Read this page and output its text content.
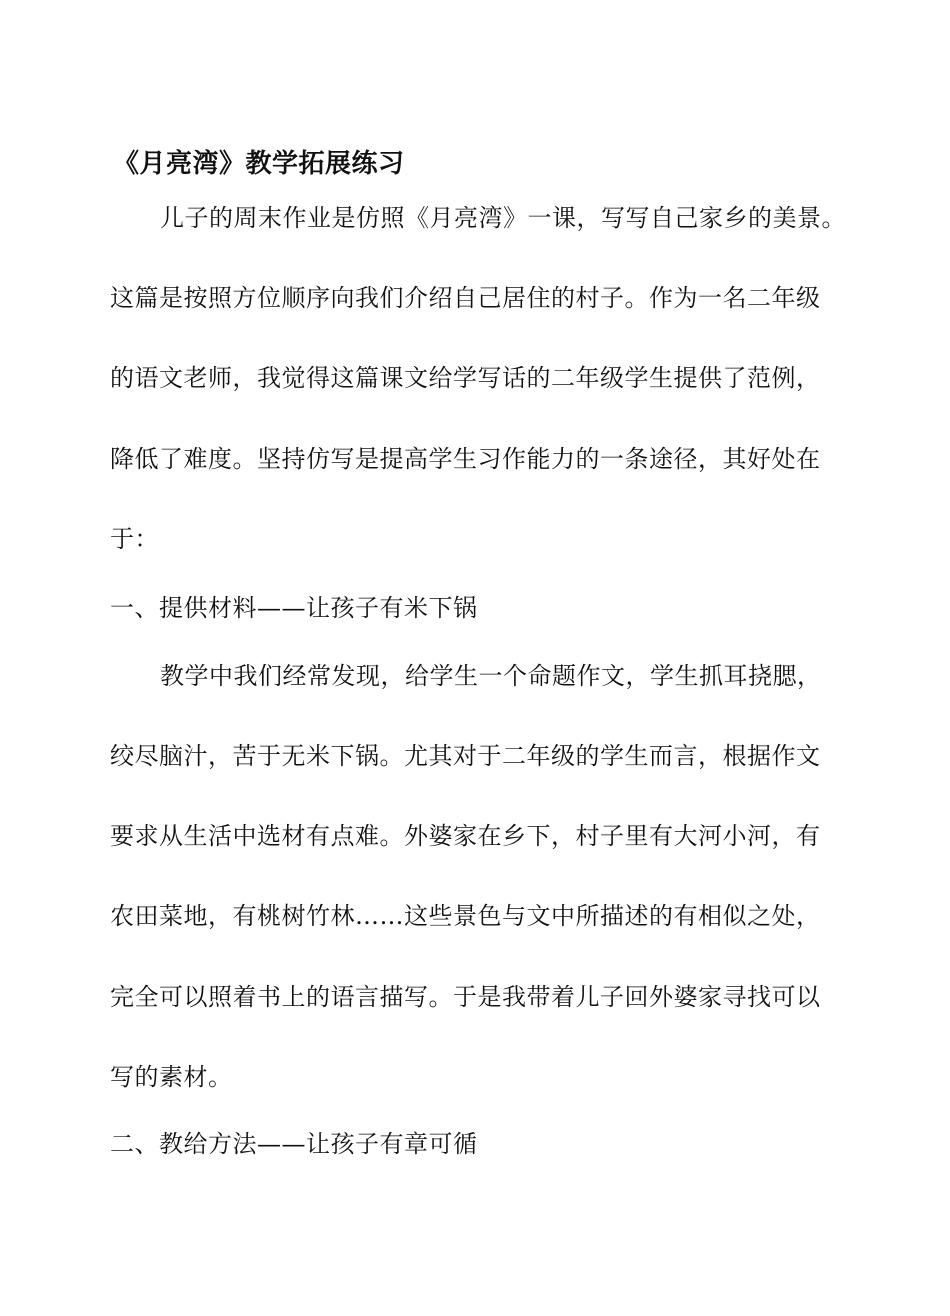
《月亮湾》教学拓展练习
儿子的周末作业是仿照《月亮湾》一课，写写自己家乡的美景。
这篇是按照方位顺序向我们介绍自己居住的村子。作为一名二年级
的语文老师，我觉得这篇课文给学写话的二年级学生提供了范例，
降低了难度。坚持仿写是提高学生习作能力的一条途径，其好处在
于：
一、提供材料——让孩子有米下锅
教学中我们经常发现，给学生一个命题作文，学生抓耳挠腮，
绞尽脑汁，苦于无米下锅。尤其对于二年级的学生而言，根据作文
要求从生活中选材有点难。外婆家在乡下，村子里有大河小河，有
农田菜地，有桃树竹林……这些景色与文中所描述的有相似之处，
完全可以照着书上的语言描写。于是我带着儿子回外婆家寻找可以
写的素材。
二、教给方法——让孩子有章可循
